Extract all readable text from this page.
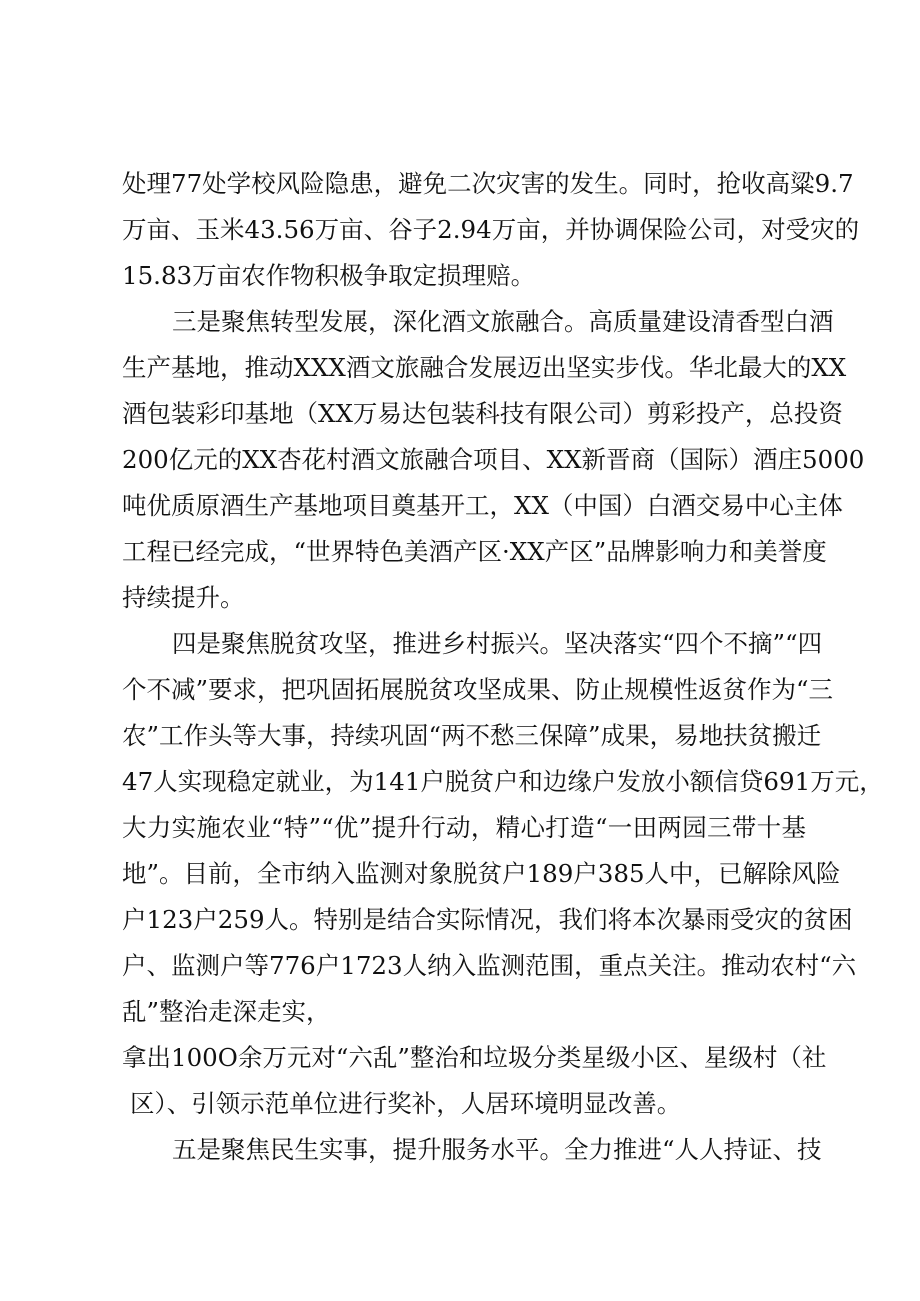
处理77处学校风险隐患，避免二次灾害的发生。同时，抢收高粱9.7
万亩、玉米43.56万亩、谷子2.94万亩，并协调保险公司，对受灾的
15.83万亩农作物积极争取定损理赔。
三是聚焦转型发展，深化酒文旅融合。高质量建设清香型白酒
生产基地，推动XXX酒文旅融合发展迈出坚实步伐。华北最大的XX
酒包装彩印基地（XX万易达包装科技有限公司）剪彩投产，总投资
200亿元的XX杏花村酒文旅融合项目、XX新晋商（国际）酒庄5000
吨优质原酒生产基地项目奠基开工，XX（中国）白酒交易中心主体
工程已经完成，“世界特色美酒产区·XX产区”品牌影响力和美誉度
持续提升。
四是聚焦脱贫攻坚，推进乡村振兴。坚决落实“四个不摘”“四
个不减”要求，把巩固拓展脱贫攻坚成果、防止规模性返贫作为“三
农”工作头等大事，持续巩固“两不愁三保障”成果，易地扶贫搬迁
47人实现稳定就业，为141户脱贫户和边缘户发放小额信贷691万元，
大力实施农业“特”“优”提升行动，精心打造“一田两园三带十基
地”。目前，全市纳入监测对象脱贫户189户385人中，已解除风险
户123户259人。特别是结合实际情况，我们将本次暴雨受灾的贫困
户、监测户等776户1723人纳入监测范围，重点关注。推动农村“六
乱”整治走深走实，
拿出100O余万元对“六乱”整治和垃圾分类星级小区、星级村（社
区）、引领示范单位进行奖补，人居环境明显改善。
五是聚焦民生实事，提升服务水平。全力推进“人人持证、技
